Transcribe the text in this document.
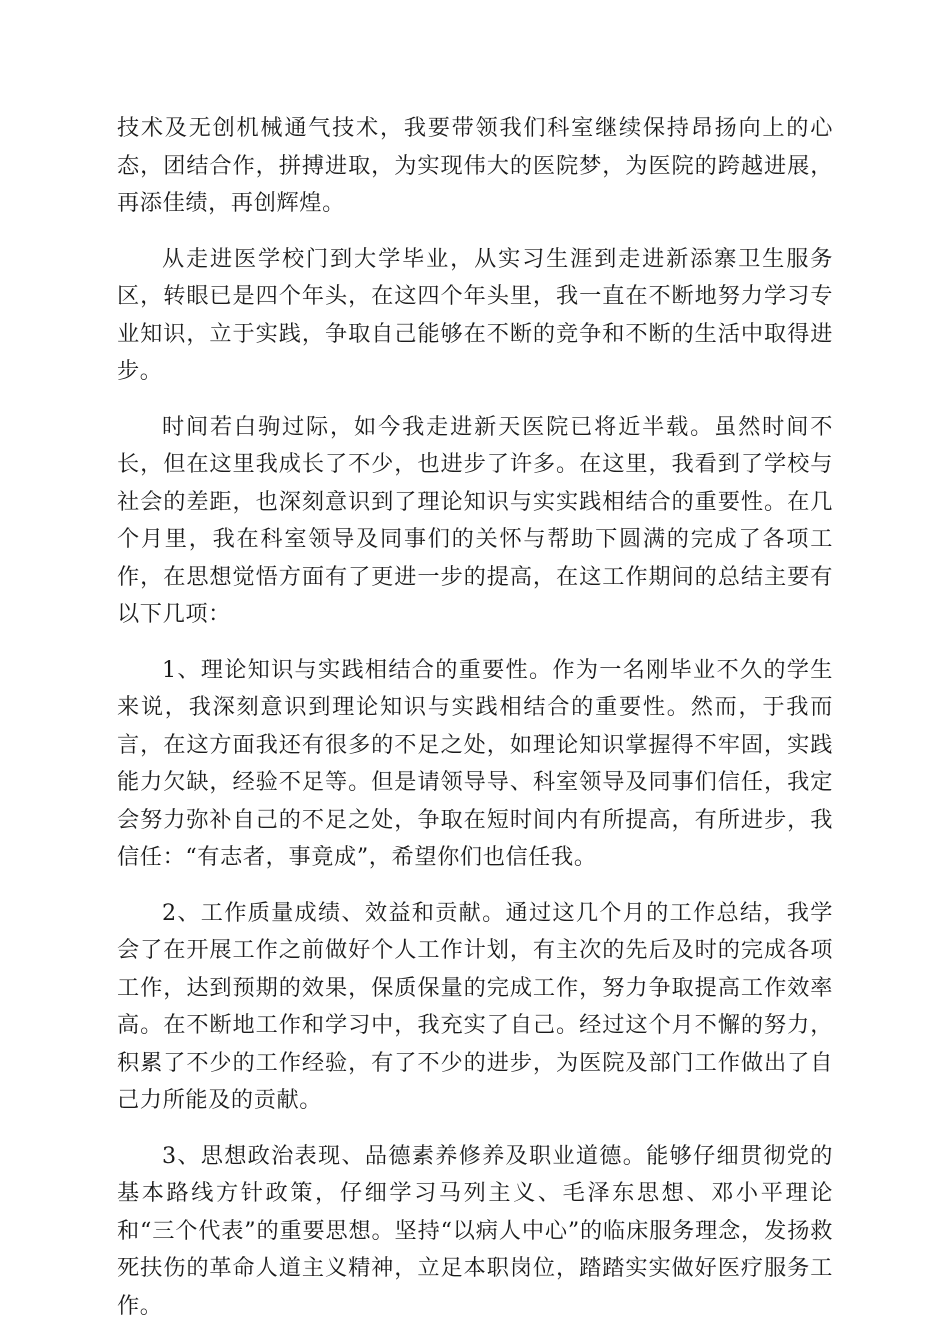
技术及无创机械通气技术，我要带领我们科室继续保持昂扬向上的心态，团结合作，拼搏进取，为实现伟大的医院梦，为医院的跨越进展，再添佳绩，再创辉煌。

从走进医学校门到大学毕业，从实习生涯到走进新添寨卫生服务区，转眼已是四个年头，在这四个年头里，我一直在不断地努力学习专业知识，立于实践，争取自己能够在不断的竞争和不断的生活中取得进步。

时间若白驹过际，如今我走进新天医院已将近半载。虽然时间不长，但在这里我成长了不少，也进步了许多。在这里，我看到了学校与社会的差距，也深刻意识到了理论知识与实实践相结合的重要性。在几个月里，我在科室领导及同事们的关怀与帮助下圆满的完成了各项工作，在思想觉悟方面有了更进一步的提高，在这工作期间的总结主要有以下几项：

1、理论知识与实践相结合的重要性。作为一名刚毕业不久的学生来说，我深刻意识到理论知识与实践相结合的重要性。然而，于我而言，在这方面我还有很多的不足之处，如理论知识掌握得不牢固，实践能力欠缺，经验不足等。但是请领导导、科室领导及同事们信任，我定会努力弥补自己的不足之处，争取在短时间内有所提高，有所进步，我信任：“有志者，事竟成”，希望你们也信任我。

2、工作质量成绩、效益和贡献。通过这几个月的工作总结，我学会了在开展工作之前做好个人工作计划，有主次的先后及时的完成各项工作，达到预期的效果，保质保量的完成工作，努力争取提高工作效率高。在不断地工作和学习中，我充实了自己。经过这个月不懈的努力，积累了不少的工作经验，有了不少的进步，为医院及部门工作做出了自己力所能及的贡献。

3、思想政治表现、品德素养修养及职业道德。能够仔细贯彻党的基本路线方针政策，仔细学习马列主义、毛泽东思想、邓小平理论和“三个代表”的重要思想。坚持“以病人中心”的临床服务理念，发扬救死扶伤的革命人道主义精神，立足本职岗位，踏踏实实做好医疗服务工作。
